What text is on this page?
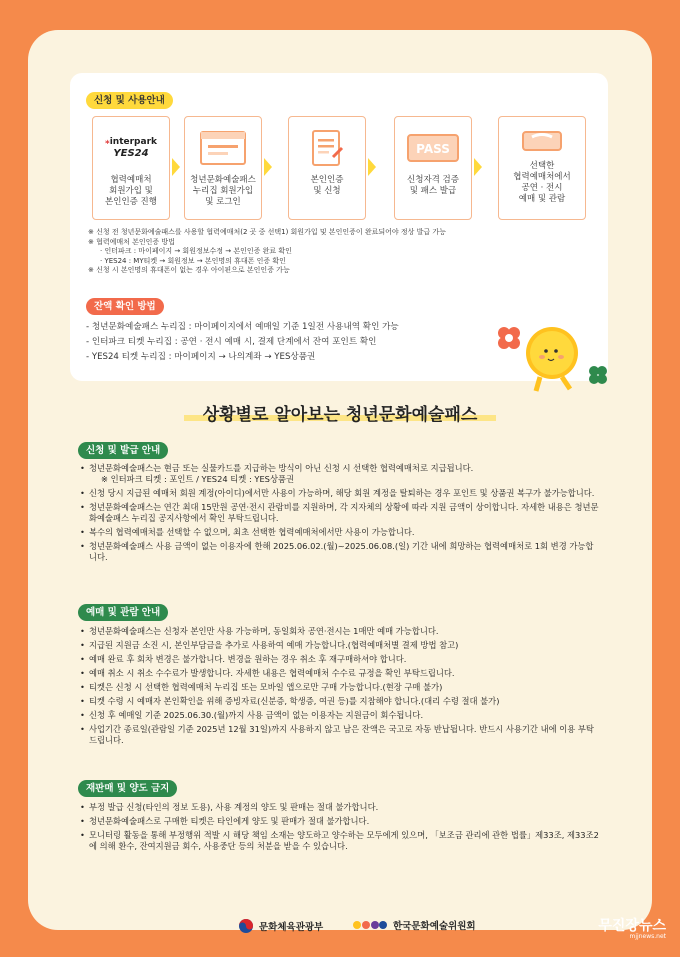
신청 및 사용안내
⁎interpark
YES24
협력예매처
회원가입 및
본인인증 진행
청년문화예술패스
누리집 회원가입
및 로그인
본인인증
및 신청
PASS
신청자격 검증
및 패스 발급
선택한
협력예매처에서
공연 · 전시
예매 및 관람
※ 신청 전 청년문화예술패스를 사용할 협력예매처(2 곳 중 선택1) 회원가입 및 본인인증이 완료되어야 정상 발급 가능
※ 협력예매처 본인인증 방법
· 인터파크 : 마이페이지 → 회원정보수정 → 본인인증 완료 확인
· YES24 : MY티켓 → 회원정보 → 본인명의 휴대폰 인증 확인
※ 신청 시 본인명의 휴대폰이 없는 경우 아이핀으로 본인인증 가능
잔액 확인 방법
- 청년문화예술패스 누리집 : 마이페이지에서 예매일 기준 1일전 사용내역 확인 가능
- 인터파크 티켓 누리집 : 공연 · 전시 예매 시, 결제 단계에서 잔여 포인트 확인
- YES24 티켓 누리집 : 마이페이지 → 나의계좌 → YES상품권
상황별로 알아보는 청년문화예술패스
신청 및 발급 안내
• 청년문화예술패스는 현금 또는 실물카드를 지급하는 방식이 아닌 신청 시 선택한 협력예매처로 지급됩니다.
※ 인터파크 티켓 : 포인트 / YES24 티켓 : YES상품권
• 신청 당시 지급된 예매처 회원 계정(아이디)에서만 사용이 가능하며, 해당 회원 계정을 탈퇴하는 경우 포인트 및 상품권 복구가 불가능합니다.
• 청년문화예술패스는 연간 최대 15만원 공연·전시 관람비를 지원하며, 각 지자체의 상황에 따라 지원 금액이 상이합니다. 자세한 내용은 청년문화예술패스 누리집 공지사항에서 확인 부탁드립니다.
• 복수의 협력예매처를 선택할 수 없으며, 최초 선택한 협력예매처에서만 사용이 가능합니다.
• 청년문화예술패스 사용 금액이 없는 이용자에 한해 2025.06.02.(월)~2025.06.08.(일) 기간 내에 희망하는 협력예매처로 1회 변경 가능합니다.
예매 및 관람 안내
• 청년문화예술패스는 신청자 본인만 사용 가능하며, 동일회차 공연·전시는 1매만 예매 가능합니다.
• 지급된 지원금 소진 시, 본인부담금을 추가로 사용하여 예매 가능합니다.(협력예매처별 결제 방법 참고)
• 예매 완료 후 회차 변경은 불가합니다. 변경을 원하는 경우 취소 후 재구매하셔야 합니다.
• 예매 취소 시 취소 수수료가 발생합니다. 자세한 내용은 협력예매처 수수료 규정을 확인 부탁드립니다.
• 티켓은 신청 시 선택한 협력예매처 누리집 또는 모바일 앱으로만 구매 가능합니다.(현장 구매 불가)
• 티켓 수령 시 예매자 본인확인을 위해 증빙자료(신분증, 학생증, 여권 등)를 지참해야 합니다.(대리 수령 절대 불가)
• 신청 후 예매일 기준 2025.06.30.(월)까지 사용 금액이 없는 이용자는 지원금이 회수됩니다.
• 사업기간 종료일(관람일 기준 2025년 12월 31일)까지 사용하지 않고 남은 잔액은 국고로 자동 반납됩니다. 반드시 사용기간 내에 이용 부탁드립니다.
재판매 및 양도 금지
• 부정 발급 신청(타인의 정보 도용), 사용 계정의 양도 및 판매는 절대 불가합니다.
• 청년문화예술패스로 구매한 티켓은 타인에게 양도 및 판매가 절대 불가합니다.
• 모니터링 활동을 통해 부정행위 적발 시 해당 책임 소재는 양도하고 양수하는 모두에게 있으며, 「보조금 관리에 관한 법률」제33조, 제33조2에 의해 환수, 잔여지원금 회수, 사용중단 등의 처분을 받을 수 있습니다.
문화체육관광부	한국문화예술위원회	무진장뉴스
mjjnews.net
